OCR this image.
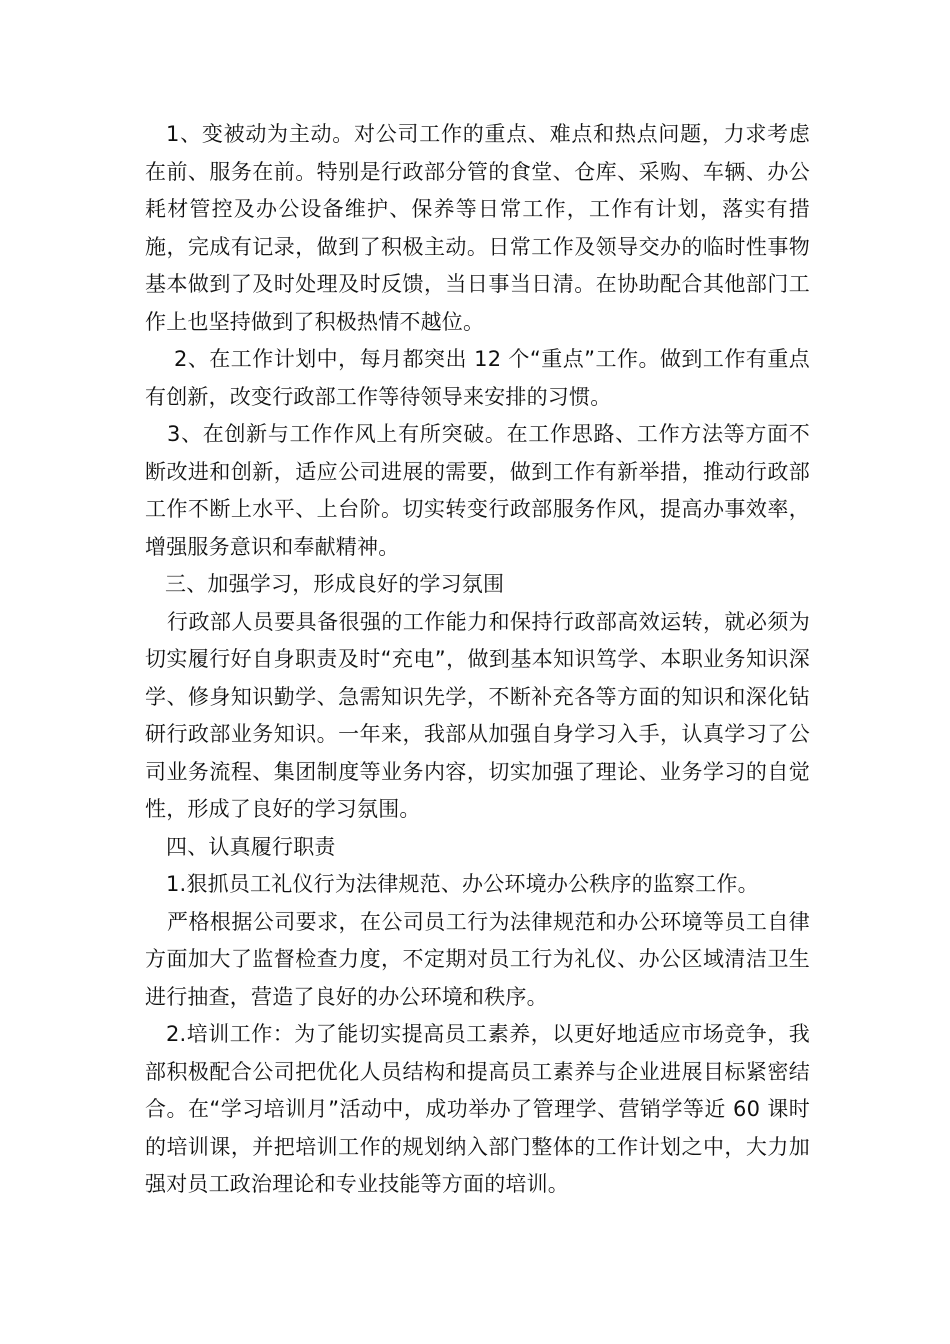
1、变被动为主动。对公司工作的重点、难点和热点问题，力求考虑在前、服务在前。特别是行政部分管的食堂、仓库、采购、车辆、办公耗材管控及办公设备维护、保养等日常工作，工作有计划，落实有措施，完成有记录，做到了积极主动。日常工作及领导交办的临时性事物基本做到了及时处理及时反馈，当日事当日清。在协助配合其他部门工作上也坚持做到了积极热情不越位。

2、在工作计划中，每月都突出 12 个“重点”工作。做到工作有重点有创新，改变行政部工作等待领导来安排的习惯。

3、在创新与工作作风上有所突破。在工作思路、工作方法等方面不断改进和创新，适应公司进展的需要，做到工作有新举措，推动行政部工作不断上水平、上台阶。切实转变行政部服务作风，提高办事效率，增强服务意识和奉献精神。

三、加强学习，形成良好的学习氛围

行政部人员要具备很强的工作能力和保持行政部高效运转，就必须为切实履行好自身职责及时“充电”，做到基本知识笃学、本职业务知识深学、修身知识勤学、急需知识先学，不断补充各等方面的知识和深化钻研行政部业务知识。一年来，我部从加强自身学习入手，认真学习了公司业务流程、集团制度等业务内容，切实加强了理论、业务学习的自觉性，形成了良好的学习氛围。

四、认真履行职责

1.狠抓员工礼仪行为法律规范、办公环境办公秩序的监察工作。

严格根据公司要求，在公司员工行为法律规范和办公环境等员工自律方面加大了监督检查力度，不定期对员工行为礼仪、办公区域清洁卫生进行抽查，营造了良好的办公环境和秩序。

2.培训工作：为了能切实提高员工素养，以更好地适应市场竞争，我部积极配合公司把优化人员结构和提高员工素养与企业进展目标紧密结合。在“学习培训月”活动中，成功举办了管理学、营销学等近 60 课时的培训课，并把培训工作的规划纳入部门整体的工作计划之中，大力加强对员工政治理论和专业技能等方面的培训。
